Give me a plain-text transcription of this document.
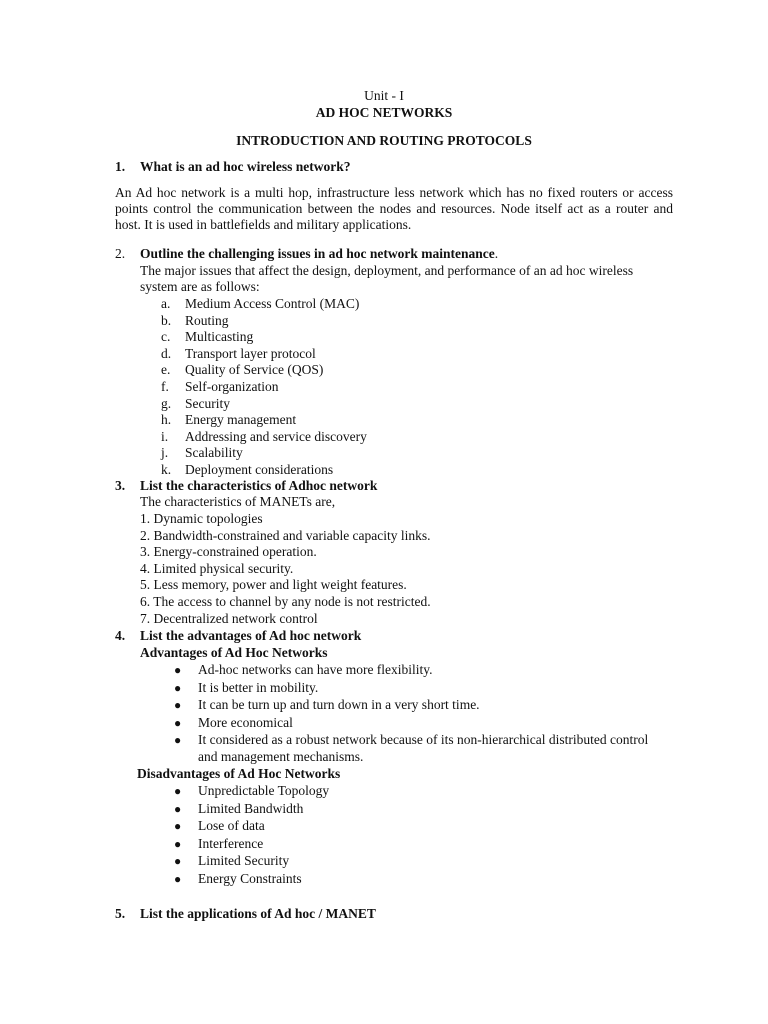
Unit - I
AD HOC NETWORKS
INTRODUCTION AND ROUTING PROTOCOLS
1. What is an ad hoc wireless network?
An Ad hoc network is a multi hop, infrastructure less network which has no fixed routers or access points control the communication between the nodes and resources. Node itself act as a router and host. It is used in battlefields and military applications.
2. Outline the challenging issues in ad hoc network maintenance.
The major issues that affect the design, deployment, and performance of an ad hoc wireless
system are as follows:
a. Medium Access Control (MAC)
b. Routing
c. Multicasting
d. Transport layer protocol
e. Quality of Service (QOS)
f. Self-organization
g. Security
h. Energy management
i. Addressing and service discovery
j. Scalability
k. Deployment considerations
3. List the characteristics of Adhoc network
The characteristics of MANETs are,
1. Dynamic topologies
2. Bandwidth-constrained and variable capacity links.
3. Energy-constrained operation.
4. Limited physical security.
5. Less memory, power and light weight features.
6. The access to channel by any node is not restricted.
7. Decentralized network control
4. List the advantages of Ad hoc network
Advantages of Ad Hoc Networks
● Ad-hoc networks can have more flexibility.
● It is better in mobility.
● It can be turn up and turn down in a very short time.
● More economical
● It considered as a robust network because of its non-hierarchical distributed control
and management mechanisms.
Disadvantages of Ad Hoc Networks
● Unpredictable Topology
● Limited Bandwidth
● Lose of data
● Interference
● Limited Security
● Energy Constraints
5. List the applications of Ad hoc / MANET
